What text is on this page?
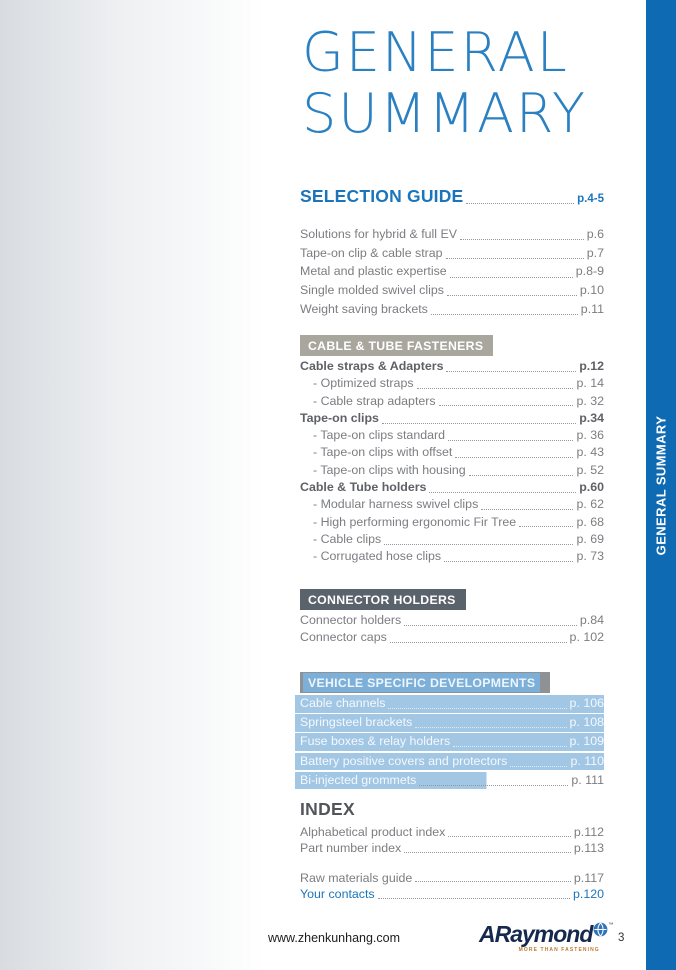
GENERAL SUMMARY
GENERAL
SUMMARY
SELECTION GUIDE	p.4-5
Solutions for hybrid & full EV	p.6
Tape-on clip & cable strap	p.7
Metal and plastic expertise	p.8-9
Single molded swivel clips	p.10
Weight saving brackets	p.11
CABLE & TUBE FASTENERS
Cable straps & Adapters	p.12
- Optimized straps	p. 14
- Cable strap adapters	p. 32
Tape-on clips	p.34
- Tape-on clips standard	p. 36
- Tape-on clips with offset	p. 43
- Tape-on clips with housing	p. 52
Cable & Tube holders	p.60
- Modular harness swivel clips	p. 62
- High performing ergonomic Fir Tree	p. 68
- Cable clips	p. 69
- Corrugated hose clips	p. 73
CONNECTOR HOLDERS
Connector holders	p.84
Connector caps	p. 102
VEHICLE SPECIFIC DEVELOPMENTS
Cable channels	p. 106
Springsteel brackets	p. 108
Fuse boxes & relay holders	p. 109
Battery positive covers and protectors	p. 110
Bi-injected grommets	p. 111
INDEX
Alphabetical product index	p.112
Part number index	p.113
Raw materials guide	p.117
Your contacts	p.120
www.zhenkunhang.com	ARaymond	™
MORE THAN FASTENING
3
